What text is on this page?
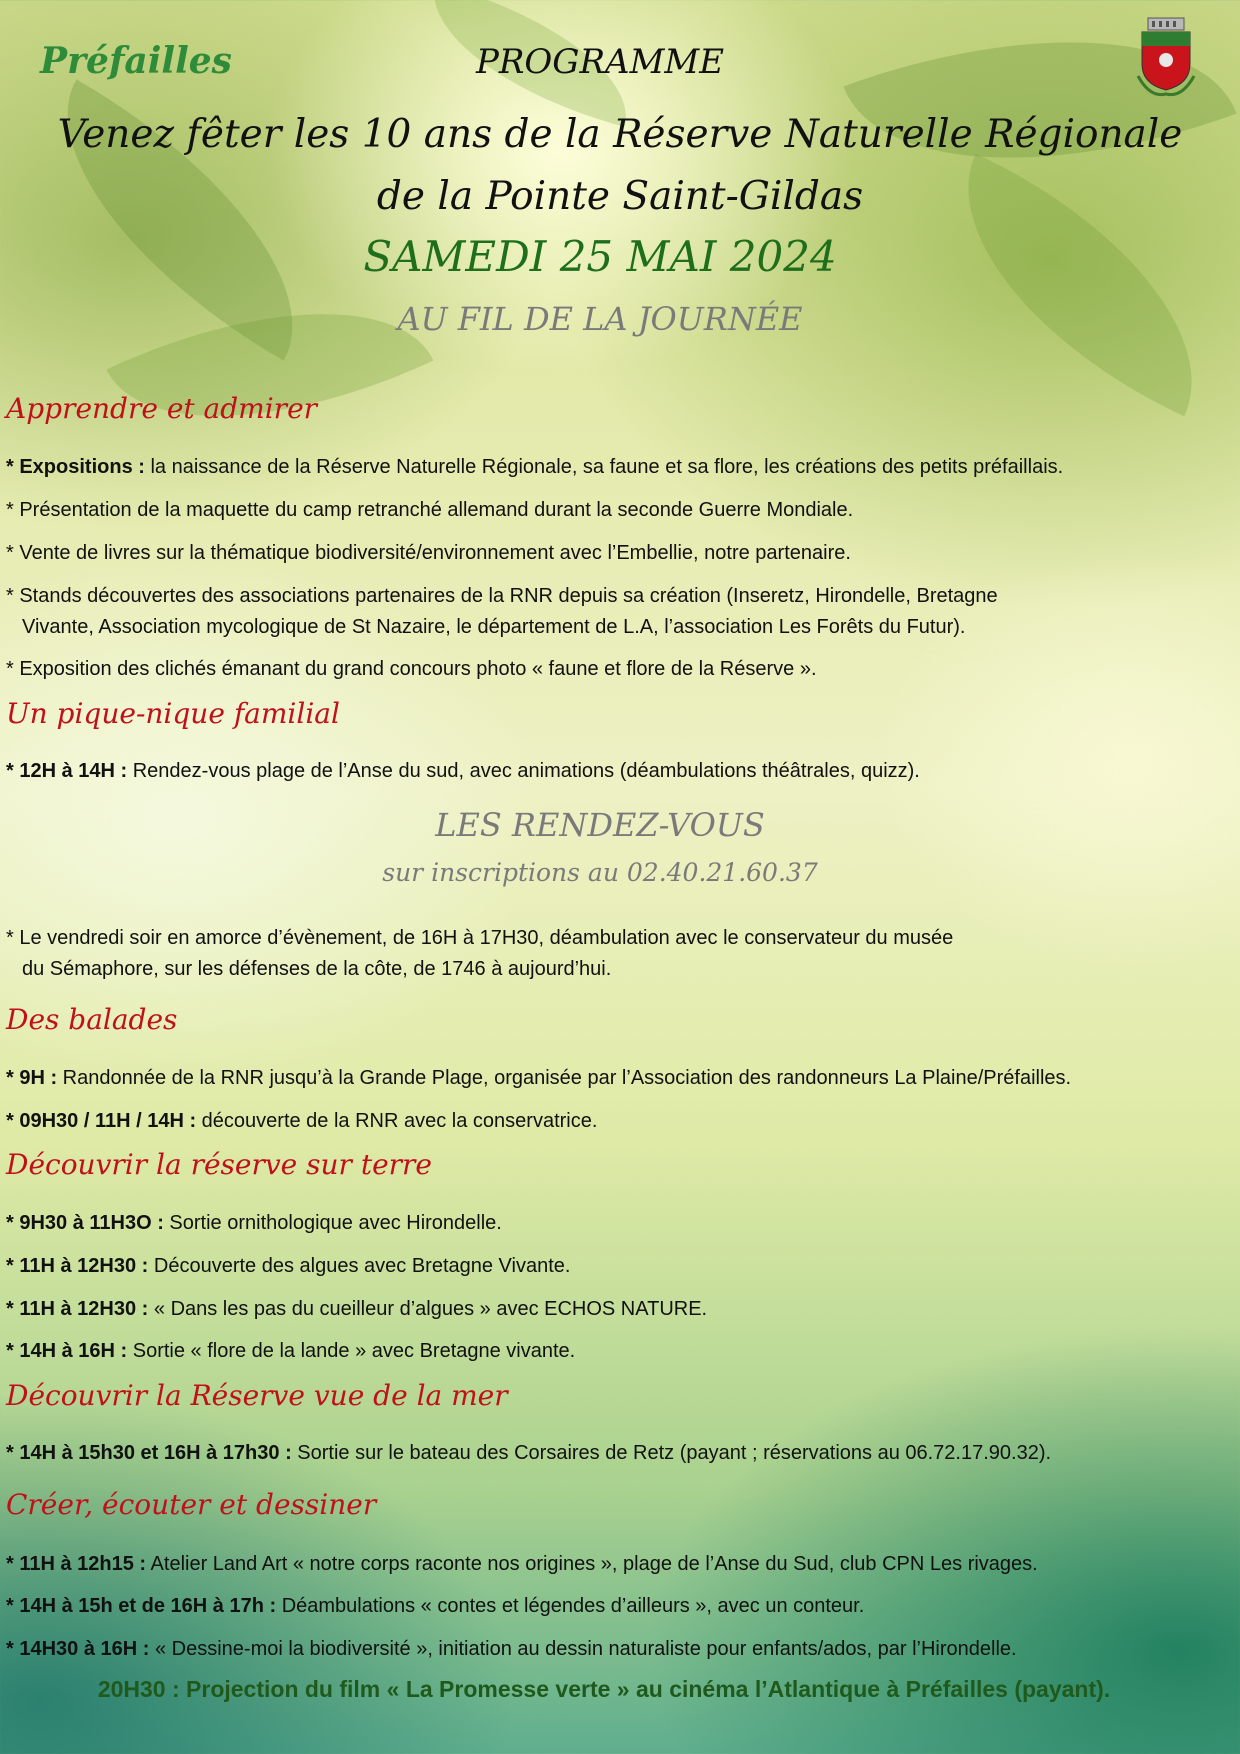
Préfailles	PROGRAMME
Venez fêter les 10 ans de la Réserve Naturelle Régionale
de la Pointe Saint-Gildas
SAMEDI 25 MAI 2024
AU FIL DE LA JOURNÉE
Apprendre et admirer
* Expositions : la naissance de la Réserve Naturelle Régionale, sa faune et sa flore, les créations des petits préfaillais.
* Présentation de la maquette du camp retranché allemand durant la seconde Guerre Mondiale.
* Vente de livres sur la thématique biodiversité/environnement avec l’Embellie, notre partenaire.
* Stands découvertes des associations partenaires de la RNR depuis sa création (Inseretz, Hirondelle, Bretagne
Vivante, Association mycologique de St Nazaire, le département de L.A, l’association Les Forêts du Futur).
* Exposition des clichés émanant du grand concours photo « faune et flore de la Réserve ».
Un pique-nique familial
* 12H à 14H : Rendez-vous plage de l’Anse du sud, avec animations (déambulations théâtrales, quizz).
LES RENDEZ-VOUS
sur inscriptions au 02.40.21.60.37
* Le vendredi soir en amorce d’évènement, de 16H à 17H30, déambulation avec le conservateur du musée
du Sémaphore, sur les défenses de la côte, de 1746 à aujourd’hui.
Des balades
* 9H : Randonnée de la RNR jusqu’à la Grande Plage, organisée par l’Association des randonneurs La Plaine/Préfailles.
* 09H30 / 11H / 14H : découverte de la RNR avec la conservatrice.
Découvrir la réserve sur terre
* 9H30 à 11H3O : Sortie ornithologique avec Hirondelle.
* 11H à 12H30 : Découverte des algues avec Bretagne Vivante.
* 11H à 12H30 : « Dans les pas du cueilleur d’algues » avec ECHOS NATURE.
* 14H à 16H : Sortie « flore de la lande » avec Bretagne vivante.
Découvrir la Réserve vue de la mer
* 14H à 15h30 et 16H à 17h30 : Sortie sur le bateau des Corsaires de Retz (payant ; réservations au 06.72.17.90.32).
Créer, écouter et dessiner
* 11H à 12h15 : Atelier Land Art « notre corps raconte nos origines », plage de l’Anse du Sud, club CPN Les rivages.
* 14H à 15h et de 16H à 17h : Déambulations « contes et légendes d’ailleurs », avec un conteur.
* 14H30 à 16H : « Dessine-moi la biodiversité », initiation au dessin naturaliste pour enfants/ados, par l’Hirondelle.
20H30 : Projection du film « La Promesse verte » au cinéma l’Atlantique à Préfailles (payant).
